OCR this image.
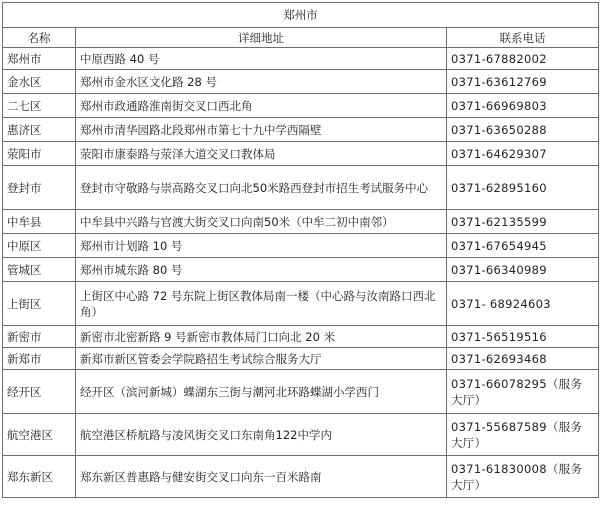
郑州市		
名称	详细地址	联系电话
郑州市	中原西路 40 号	0371-67882002
金水区	郑州市金水区文化路 28 号	0371-63612769
二七区	郑州市政通路淮南街交叉口西北角	0371-66969803
惠济区	郑州市清华园路北段郑州市第七十九中学西隔壁	0371-63650288
荥阳市	荥阳市康泰路与荥泽大道交叉口教体局	0371-64629307
登封市	登封市守敬路与崇高路交叉口向北50米路西登封市招生考试服务中心	0371-62895160
中牟县	中牟县中兴路与官渡大街交叉口向南50米（中牟二初中南邻）	0371-62135599
中原区	郑州市计划路 10 号	0371-67654945
管城区	郑州市城东路 80 号	0371-66340989
上街区	上街区中心路 72 号东院上街区教体局南一楼（中心路与汝南路口西北角）	0371- 68924603
新密市	新密市北密新路 9 号新密市教体局门口向北 20 米	0371-56519516
新郑市	新郑市新区管委会学院路招生考试综合服务大厅	0371-62693468
经开区	经开区（滨河新城）蝶湖东三街与潮河北环路蝶湖小学西门	0371-66078295（服务大厅）
航空港区	航空港区桥航路与凌风街交叉口东南角122中学内	0371-55687589（服务大厅）
郑东新区	郑东新区普惠路与健安街交叉口向东一百米路南	0371-61830008（服务大厅）
